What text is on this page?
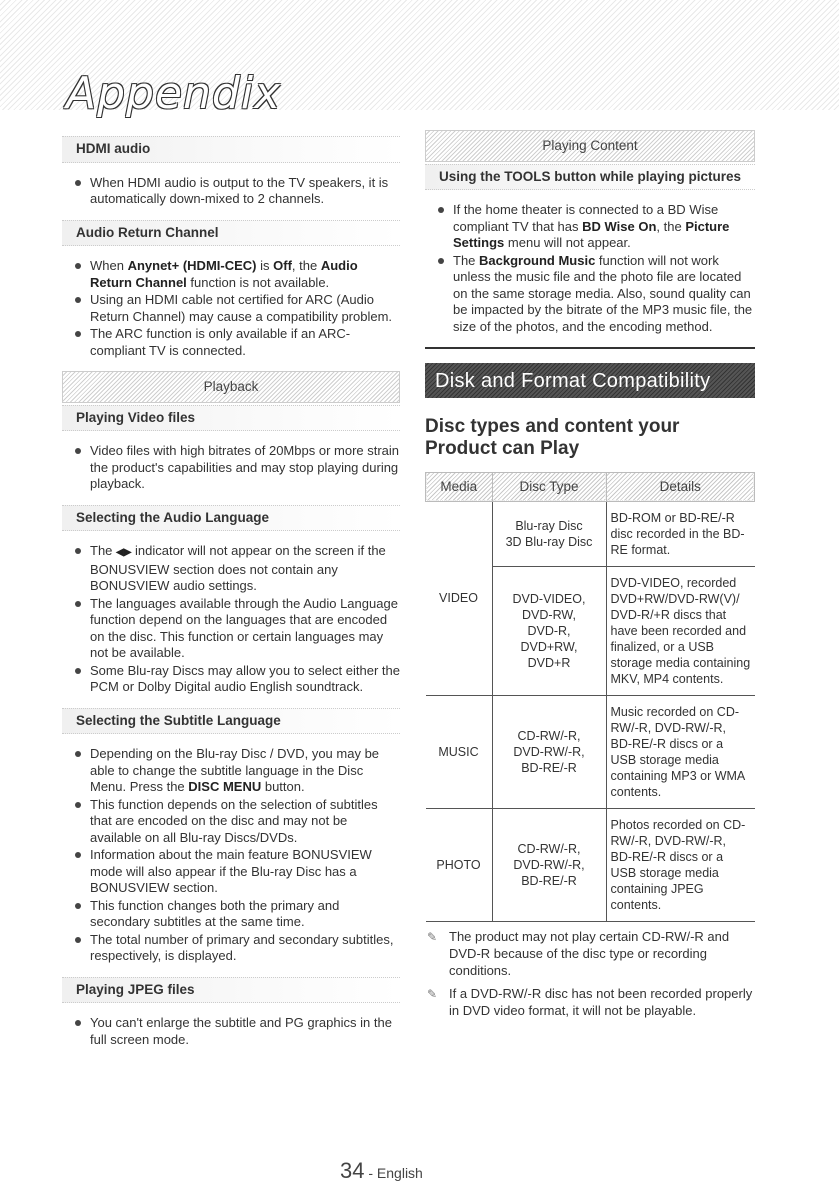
Appendix
HDMI audio
When HDMI audio is output to the TV speakers, it is automatically down-mixed to 2 channels.
Audio Return Channel
When Anynet+ (HDMI-CEC) is Off, the Audio Return Channel function is not available.
Using an HDMI cable not certified for ARC (Audio Return Channel) may cause a compatibility problem.
The ARC function is only available if an ARC-compliant TV is connected.
Playback
Playing Video files
Video files with high bitrates of 20Mbps or more strain the product's capabilities and may stop playing during playback.
Selecting the Audio Language
The ◀▶ indicator will not appear on the screen if the BONUSVIEW section does not contain any BONUSVIEW audio settings.
The languages available through the Audio Language function depend on the languages that are encoded on the disc. This function or certain languages may not be available.
Some Blu-ray Discs may allow you to select either the PCM or Dolby Digital audio English soundtrack.
Selecting the Subtitle Language
Depending on the Blu-ray Disc / DVD, you may be able to change the subtitle language in the Disc Menu. Press the DISC MENU button.
This function depends on the selection of subtitles that are encoded on the disc and may not be available on all Blu-ray Discs/DVDs.
Information about the main feature BONUSVIEW mode will also appear if the Blu-ray Disc has a BONUSVIEW section.
This function changes both the primary and secondary subtitles at the same time.
The total number of primary and secondary subtitles, respectively, is displayed.
Playing JPEG files
You can't enlarge the subtitle and PG graphics in the full screen mode.
Playing Content
Using the TOOLS button while playing pictures
If the home theater is connected to a BD Wise compliant TV that has BD Wise On, the Picture Settings menu will not appear.
The Background Music function will not work unless the music file and the photo file are located on the same storage media. Also, sound quality can be impacted by the bitrate of the MP3 music file, the size of the photos, and the encoding method.
Disk and Format Compatibility
Disc types and content your Product can Play
Media	Disc Type	Details
VIDEO	Blu-ray Disc
3D Blu-ray Disc	BD-ROM or BD-RE/-R disc recorded in the BD-RE format.
	DVD-VIDEO,
DVD-RW,
DVD-R,
DVD+RW,
DVD+R	DVD-VIDEO, recorded DVD+RW/DVD-RW(V)/ DVD-R/+R discs that have been recorded and finalized, or a USB storage media containing MKV, MP4 contents.
MUSIC	CD-RW/-R,
DVD-RW/-R,
BD-RE/-R	Music recorded on CD-RW/-R, DVD-RW/-R, BD-RE/-R discs or a USB storage media containing MP3 or WMA contents.
PHOTO	CD-RW/-R,
DVD-RW/-R,
BD-RE/-R	Photos recorded on CD-RW/-R, DVD-RW/-R, BD-RE/-R discs or a USB storage media containing JPEG contents.
✎ The product may not play certain CD-RW/-R and DVD-R because of the disc type or recording conditions.
✎ If a DVD-RW/-R disc has not been recorded properly in DVD video format, it will not be playable.
34 - English
